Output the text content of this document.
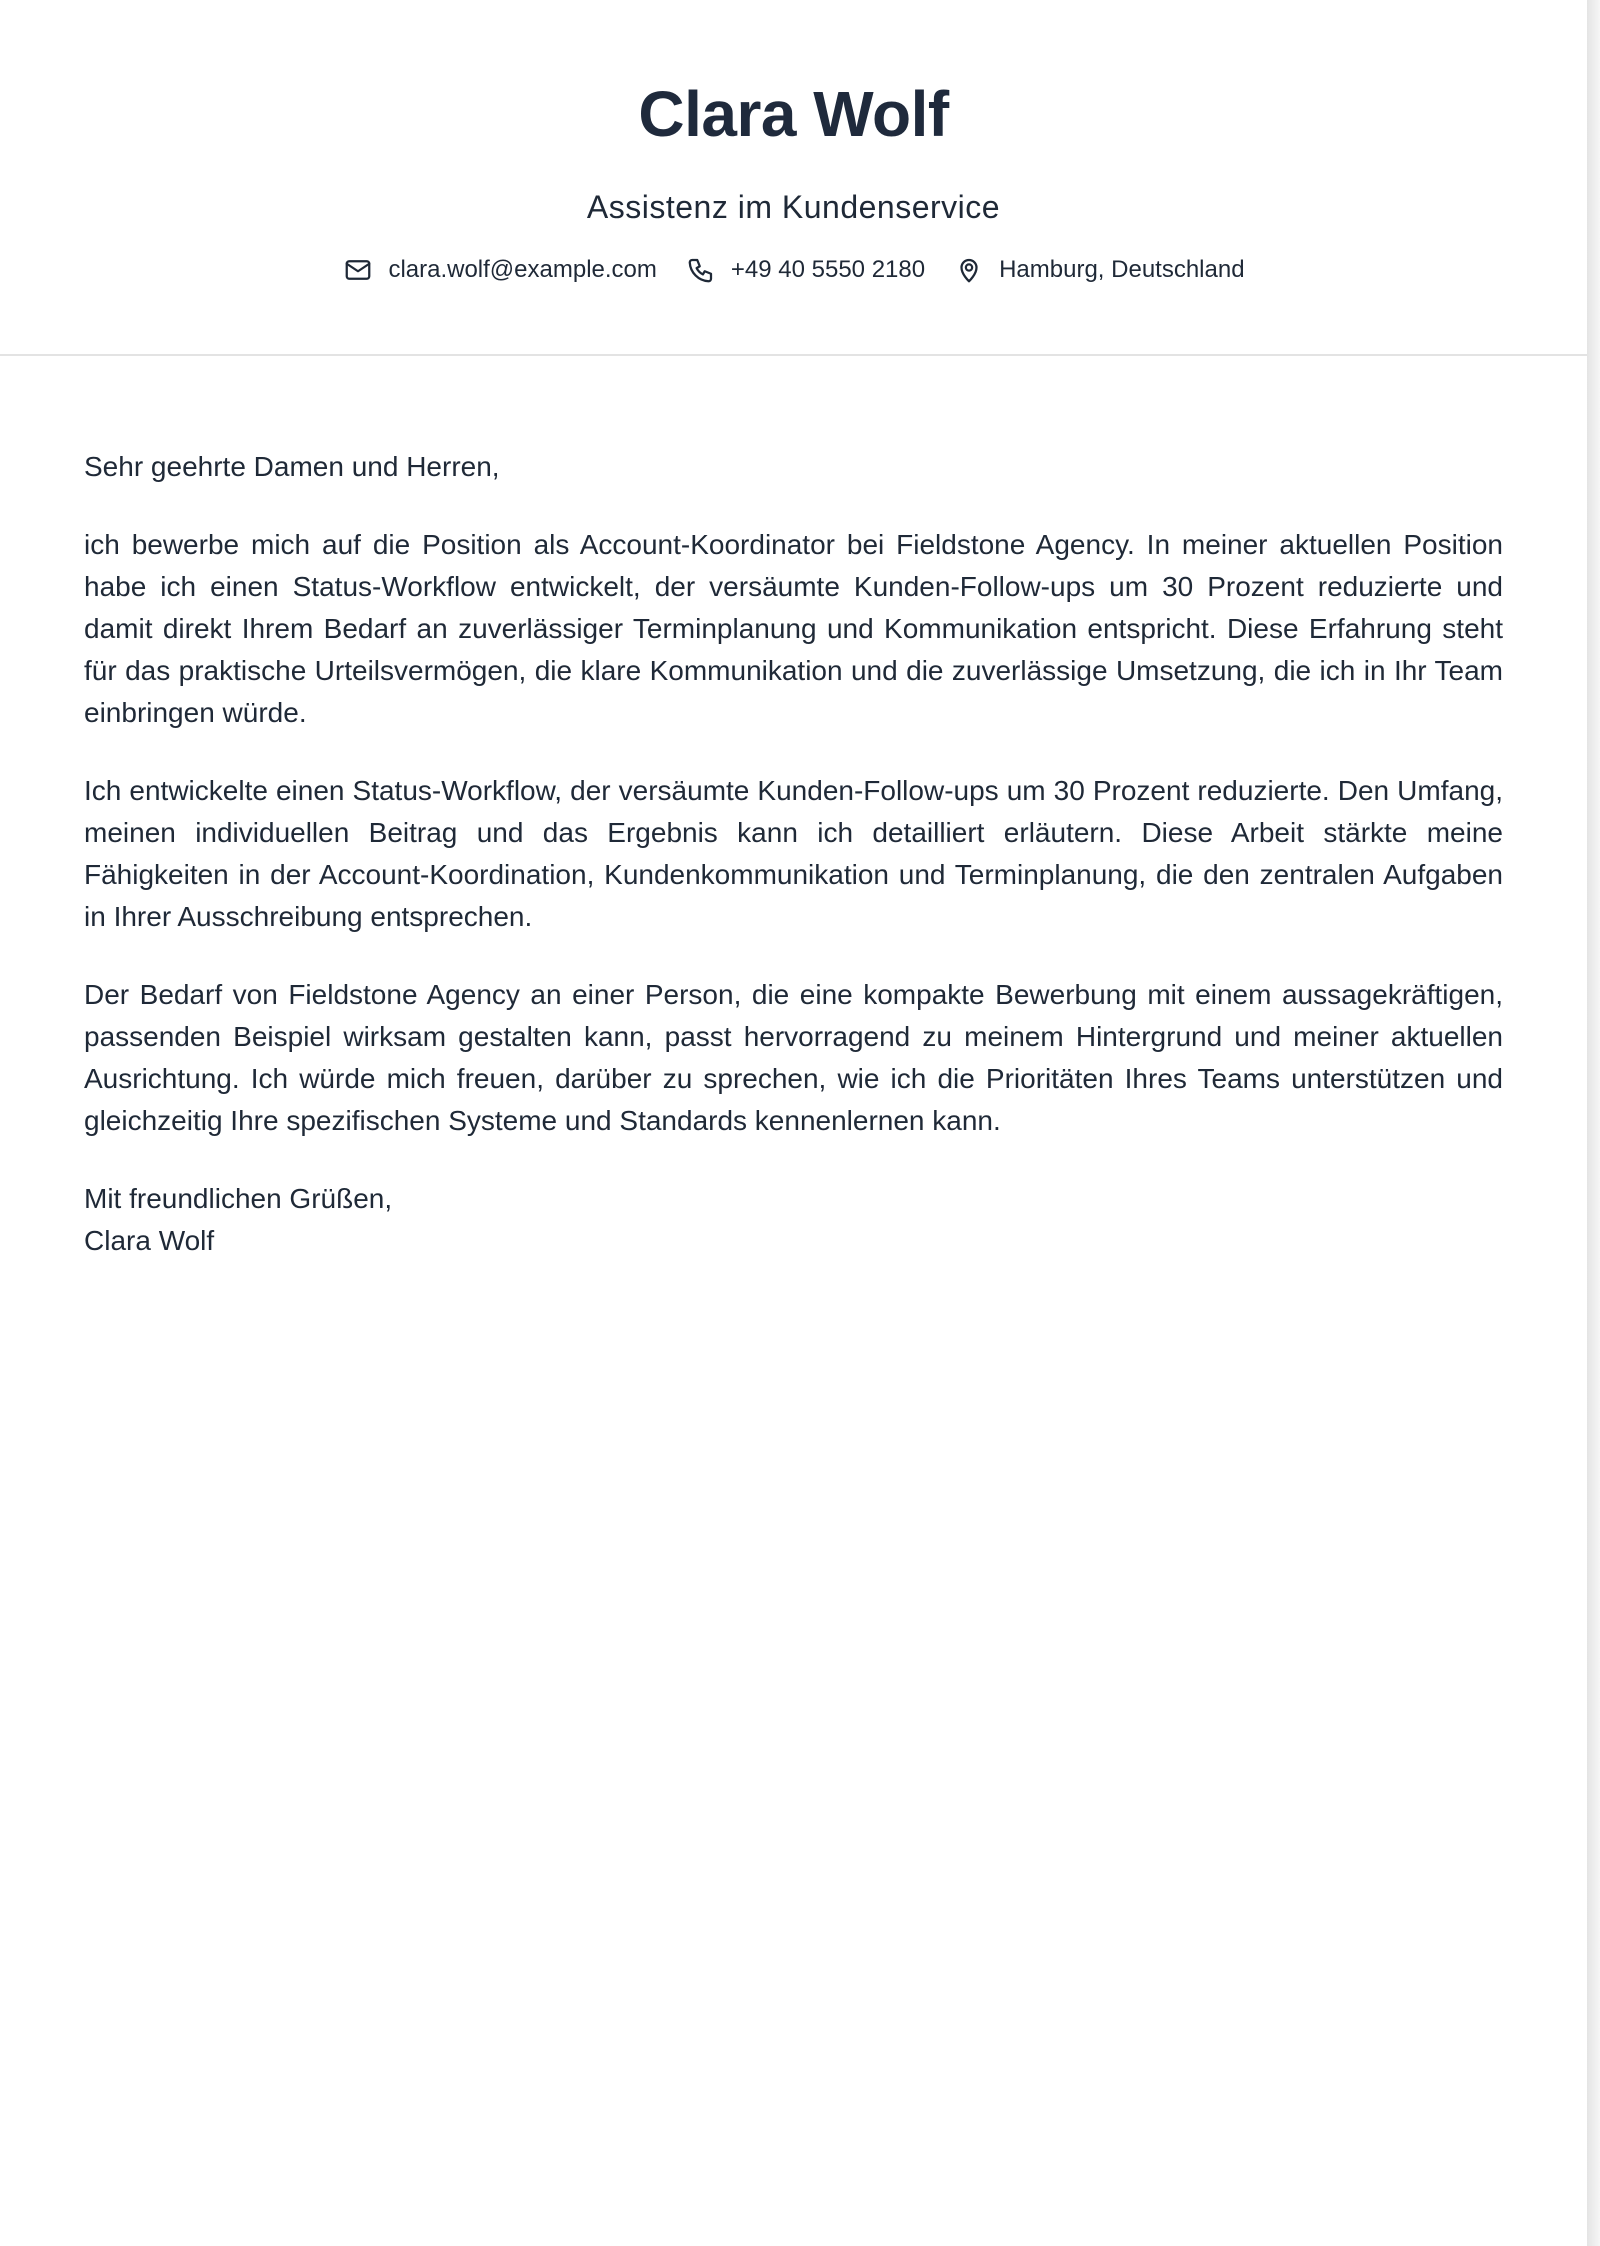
Clara Wolf
Assistenz im Kundenservice
clara.wolf@example.com	+49 40 5550 2180	Hamburg, Deutschland

Sehr geehrte Damen und Herren,

ich bewerbe mich auf die Position als Account-Koordinator bei Fieldstone Agency. In meiner aktuellen Position habe ich einen Status-Workflow entwickelt, der versäumte Kunden-Follow-ups um 30 Prozent reduzierte und damit direkt Ihrem Bedarf an zuverlässiger Terminplanung und Kommunikation entspricht. Diese Erfahrung steht für das praktische Urteilsvermögen, die klare Kommunikation und die zuverlässige Umsetzung, die ich in Ihr Team einbringen würde.

Ich entwickelte einen Status-Workflow, der versäumte Kunden-Follow-ups um 30 Prozent reduzierte. Den Umfang, meinen individuellen Beitrag und das Ergebnis kann ich detailliert erläutern. Diese Arbeit stärkte meine Fähigkeiten in der Account-Koordination, Kundenkommunikation und Terminplanung, die den zentralen Aufgaben in Ihrer Ausschreibung entsprechen.

Der Bedarf von Fieldstone Agency an einer Person, die eine kompakte Bewerbung mit einem aussagekräftigen, passenden Beispiel wirksam gestalten kann, passt hervorragend zu meinem Hintergrund und meiner aktuellen Ausrichtung. Ich würde mich freuen, darüber zu sprechen, wie ich die Prioritäten Ihres Teams unterstützen und gleichzeitig Ihre spezifischen Systeme und Standards kennenlernen kann.

Mit freundlichen Grüßen,
Clara Wolf
